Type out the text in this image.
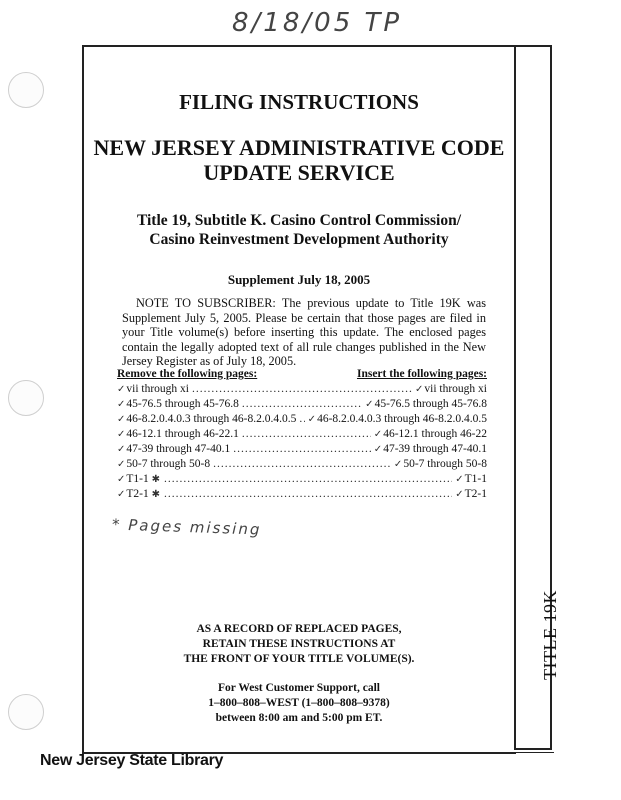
8/18/05 TP
TITLE 19K
FILING INSTRUCTIONS
NEW JERSEY ADMINISTRATIVE CODE
UPDATE SERVICE
Title 19, Subtitle K. Casino Control Commission/
Casino Reinvestment Development Authority
Supplement July 18, 2005
NOTE TO SUBSCRIBER: The previous update to Title 19K was Supplement July 5, 2005. Please be certain that those pages are filed in your Title volume(s) before inserting this update. The enclosed pages contain the legally adopted text of all rule changes published in the New Jersey Register as of July 18, 2005.
Remove the following pages:	Insert the following pages:
✓vii through xi .....	✓vii through xi
✓45-76.5 through 45-76.8 .....	✓45-76.5 through 45-76.8
✓46-8.2.0.4.0.3 through 46-8.2.0.4.0.5 ..... ✓46-8.2.0.4.0.3 through 46-8.2.0.4.0.5
✓46-12.1 through 46-22.1 .....	✓46-12.1 through 46-22
✓47-39 through 47-40.1 .....	✓47-39 through 47-40.1
✓50-7 through 50-8 .....	✓50-7 through 50-8
✓T1-1 ✱ .....	✓T1-1
✓T2-1 ✱ .....	✓T2-1
* Pages missing
AS A RECORD OF REPLACED PAGES,
RETAIN THESE INSTRUCTIONS AT
THE FRONT OF YOUR TITLE VOLUME(S).
For West Customer Support, call
1–800–808–WEST (1–800–808–9378)
between 8:00 am and 5:00 pm ET.
New Jersey State Library
